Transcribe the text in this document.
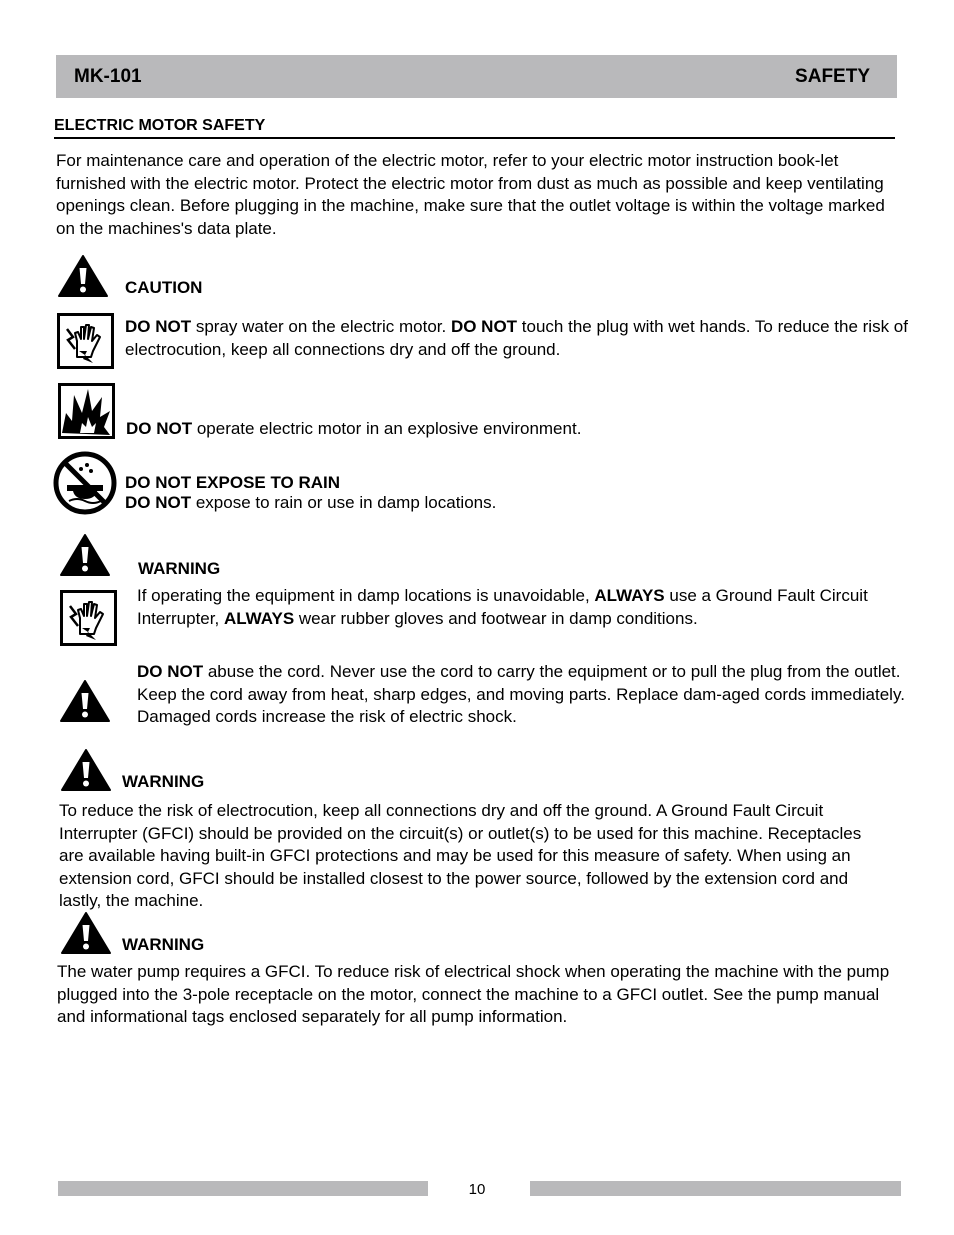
MK-101	SAFETY
ELECTRIC MOTOR SAFETY
For maintenance care and operation of the electric motor, refer to your electric motor instruction book-let furnished with the electric motor. Protect the electric motor from dust as much as possible and keep ventilating openings clean. Before plugging in the machine, make sure that the outlet voltage is within the voltage marked on the machines's data plate.
CAUTION
DO NOT spray water on the electric motor. DO NOT touch the plug with wet hands. To reduce the risk of electrocution, keep all connections dry and off the ground.
DO NOT operate electric motor in an explosive environment.
DO NOT EXPOSE TO RAIN
DO NOT expose to rain or use in damp locations.
WARNING
If operating the equipment in damp locations is unavoidable, ALWAYS use a Ground Fault Circuit Interrupter, ALWAYS wear rubber gloves and footwear in damp conditions.
DO NOT abuse the cord. Never use the cord to carry the equipment or to pull the plug from the outlet. Keep the cord away from heat, sharp edges, and moving parts. Replace dam-aged cords immediately. Damaged cords increase the risk of electric shock.
WARNING
To reduce the risk of electrocution, keep all connections dry and off the ground. A Ground Fault Circuit Interrupter (GFCI) should be provided on the circuit(s) or outlet(s) to be used for this machine. Receptacles are available having built-in GFCI protections and may be used for this measure of safety. When using an extension cord, GFCI should be installed closest to the power source, followed by the extension cord and lastly, the machine.
WARNING
The water pump requires a GFCI. To reduce risk of electrical shock when operating the machine with the pump plugged into the 3-pole receptacle on the motor, connect the machine to a GFCI outlet. See the pump manual and informational tags enclosed separately for all pump information.
10
